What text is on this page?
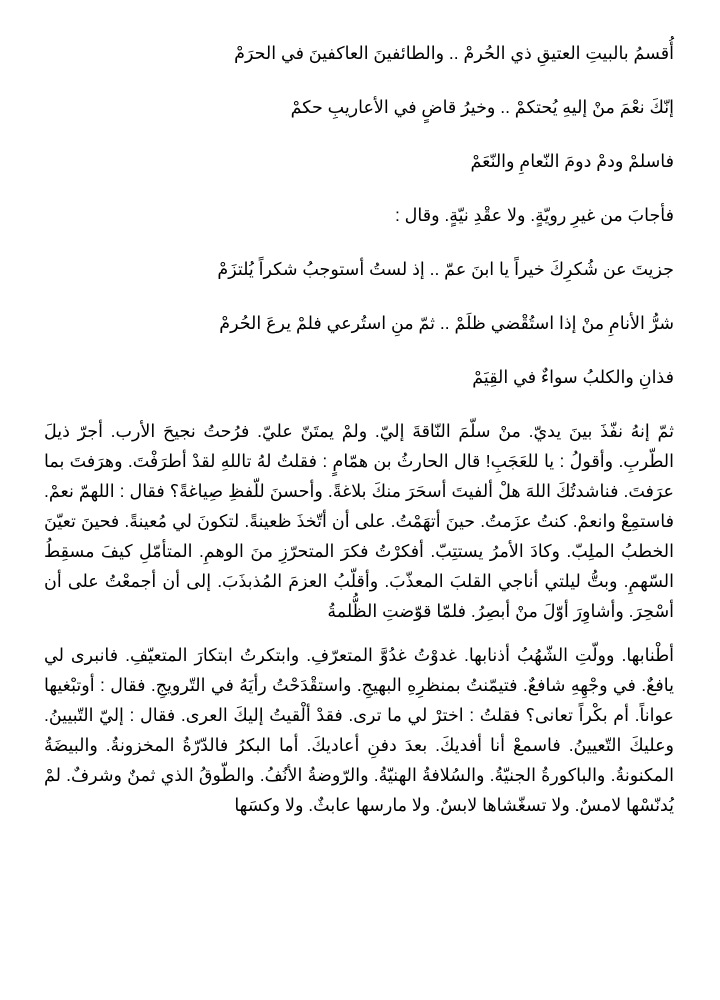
أُقسمُ بالبيتِ العتيقِ ذي الحُرمْ .. والطائفينَ العاكفينَ في الحرَمْ
إنّكَ نعْمَ منْ إليهِ يُحتكمْ .. وخيرُ قاضٍ في الأعاريبِ حكمْ
فاسلمْ ودمْ دومَ النّعامِ والنّعَمْ
فأجابَ من غيرِ رويّةٍ. ولا عقْدِ نيّةٍ. وقال :
جزيتَ عن شُكرِكَ خيراً يا ابنَ عمّ .. إذ لستُ أستوجبُ شكراً يُلتزَمْ
شرُّ الأنامِ منْ إذا استُقْضي ظلَمْ .. ثمّ منِ استُرعي فلمْ يرعَ الحُرمْ
فذانِ والكلبُ سواءٌ في القِيَمْ

ثمّ إنهُ نفّذَ بينَ يديّ. منْ سلّمَ النّاقةَ إليّ. ولمْ يمتَنّ عليّ. فرُحتُ نجيحَ الأرب. أجرّ ذيلَ الطّربِ. وأقولُ : يا للعَجَبِ! قال الحارثُ بن همّامٍ : فقلتُ لهُ تاللهِ لقدْ أطرَفْتَ. وهرَفتَ بما عرَفتَ. فناشدتُكَ اللهَ هلْ ألفيتَ أسحَرَ منكَ بلاغةً. وأحسنَ للّفظِ صِياغةً؟ فقال : اللهمّ نعمْ. فاستمِعْ وانعمْ. كنتُ عزَمتُ. حينَ أتهَمْتُ. على أن أتّخذَ ظعينةً. لتكونَ لي مُعينةً. فحينَ تعيّنَ الخطبُ الملِبّ. وكادَ الأمرُ يستتِبّ. أفكرْتُ فكرَ المتحرّزِ منَ الوهمِ. المتأمّلِ كيفَ مسقِطُ السّهمِ. وبتُّ ليلتي أناجي القلبَ المعذّبَ. وأقلّبُ العزمَ المُذبذَبَ. إلى أن أجمعْتُ على أن أسْحِرَ. وأشاوِرَ أوّلَ منْ أبصِرُ. فلمّا قوّضتِ الظُّلمةُ

أطْنابها. وولّتِ الشّهُبُ أذنابها. غدوْتُ غدُوَّ المتعرّفِ. وابتكرتُ ابتكارَ المتعيّفِ. فانبرى لي يافعٌ. في وجْهِهِ شافعٌ. فتيمّنتُ بمنظرِهِ البهيجِ. واستقْدَحْتُ رأيَهُ في التّرويجِ. فقال : أوتبْغيها عواناً. أم بكْراً تعانى؟ فقلتُ : اخترْ لي ما ترى. فقدْ ألْقيتُ إليكَ العرى. فقال : إليّ التّبيينُ. وعليكَ التّعيينُ. فاسمعْ أنا أفديكَ. بعدَ دفنِ أعاديكَ. أما البكرُ فالدّرّةُ المخزونةُ. والبيضَةُ المكنونةُ. والباكورةُ الجنيّةُ. والسُلافةُ الهنيّةُ. والرّوضةُ الأنُفُ. والطّوقُ الذي ثمنٌ وشرفٌ. لمْ يُدنّسْها لامسٌ. ولا تسغّشاها لابسٌ. ولا مارسها عابثٌ. ولا وكسَها
